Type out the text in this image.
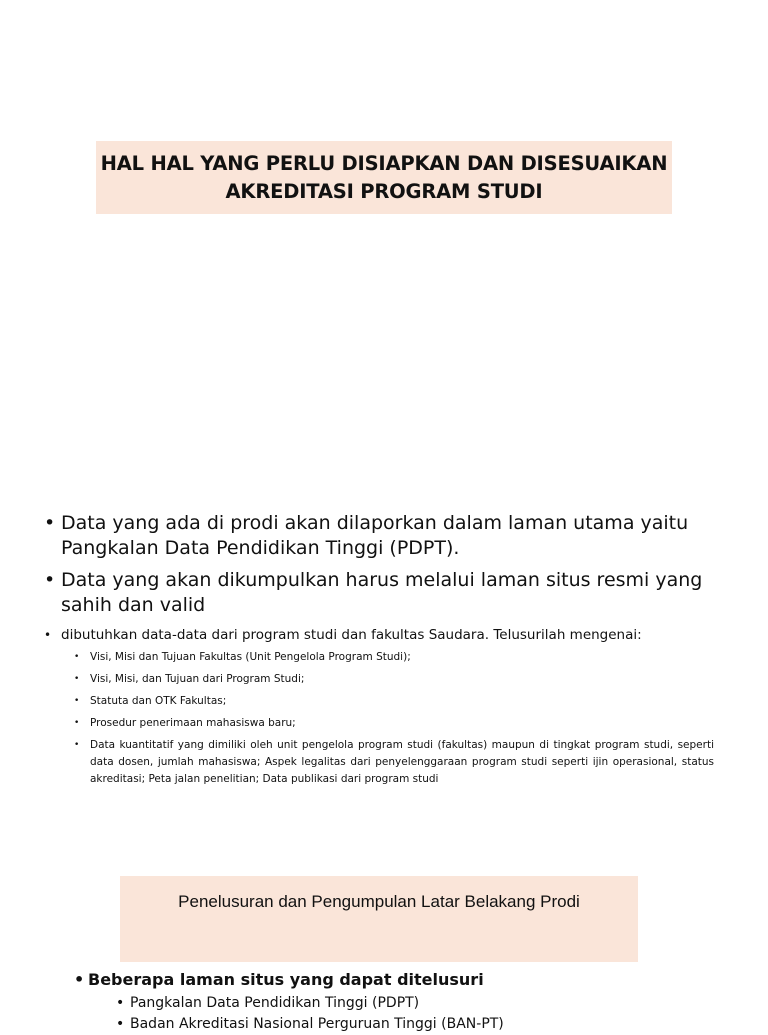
HAL HAL YANG PERLU DISIAPKAN DAN DISESUAIKAN
AKREDITASI PROGRAM STUDI
• Data yang ada di prodi akan dilaporkan dalam laman utama yaitu Pangkalan Data Pendidikan Tinggi (PDPT).
• Data yang akan dikumpulkan harus melalui laman situs resmi yang sahih dan valid
• dibutuhkan data-data dari program studi dan fakultas Saudara. Telusurilah mengenai:
• Visi, Misi dan Tujuan Fakultas (Unit Pengelola Program Studi);
• Visi, Misi, dan Tujuan dari Program Studi;
• Statuta dan OTK Fakultas;
• Prosedur penerimaan mahasiswa baru;
• Data kuantitatif yang dimiliki oleh unit pengelola program studi (fakultas) maupun di tingkat program studi, seperti data dosen, jumlah mahasiswa; Aspek legalitas dari penyelenggaraan program studi seperti ijin operasional, status akreditasi; Peta jalan penelitian; Data publikasi dari program studi
Penelusuran dan Pengumpulan Latar Belakang Prodi
• Beberapa laman situs yang dapat ditelusuri
• Pangkalan Data Pendidikan Tinggi (PDPT)
• Badan Akreditasi Nasional Perguruan Tinggi (BAN-PT)
